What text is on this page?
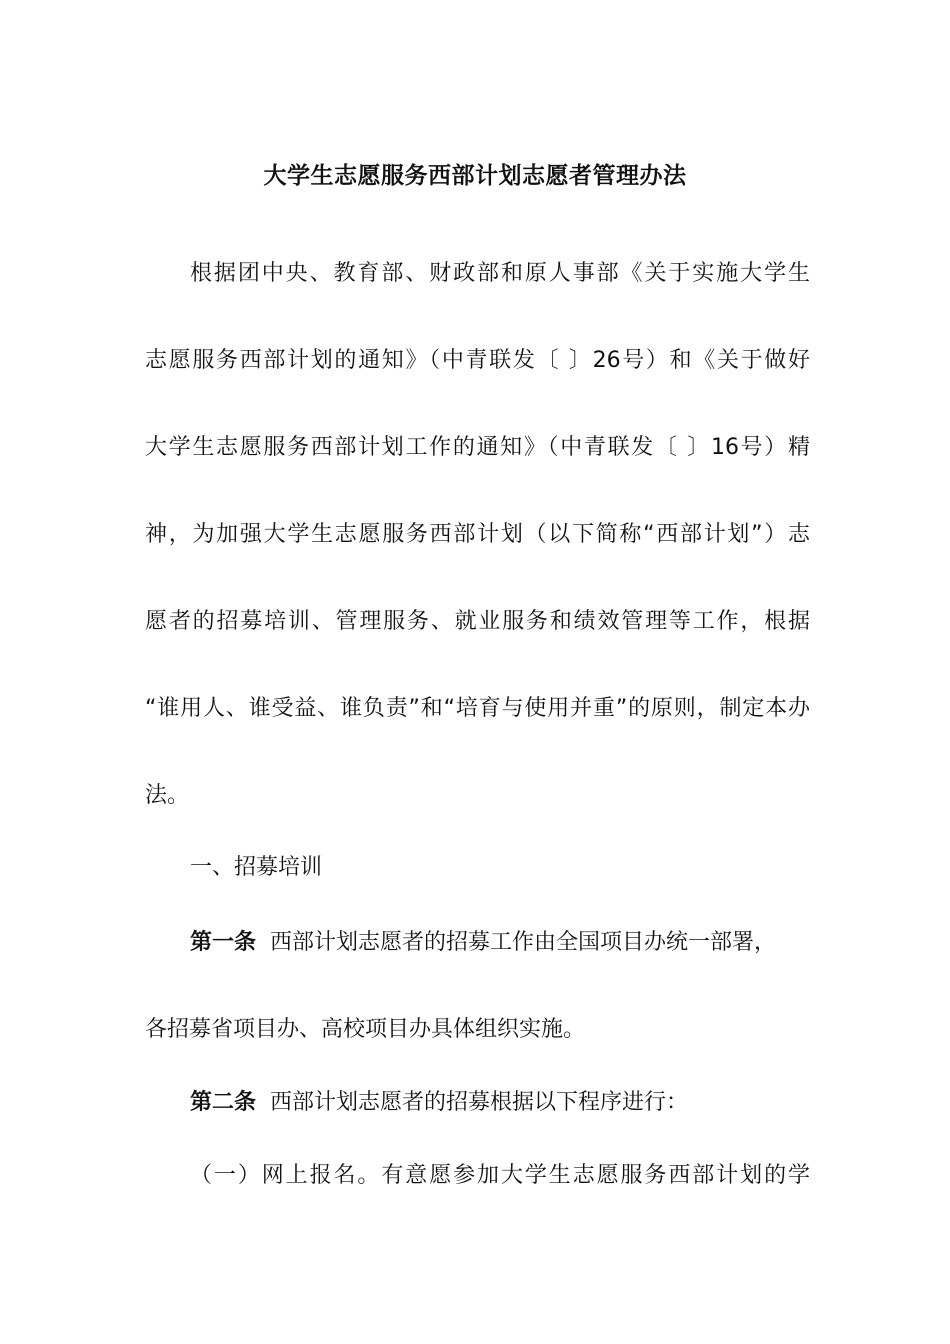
大学生志愿服务西部计划志愿者管理办法
根据团中央、教育部、财政部和原人事部《关于实施大学生
志愿服务西部计划的通知》（中青联发〔 〕26号）和《关于做好
大学生志愿服务西部计划工作的通知》（中青联发〔 〕16号）精
神，为加强大学生志愿服务西部计划（以下简称“西部计划”）志
愿者的招募培训、管理服务、就业服务和绩效管理等工作，根据
“谁用人、谁受益、谁负责”和“培育与使用并重”的原则，制定本办
法。
一、招募培训
第一条 西部计划志愿者的招募工作由全国项目办统一部署，
各招募省项目办、高校项目办具体组织实施。
第二条 西部计划志愿者的招募根据以下程序进行：
（一）网上报名。有意愿参加大学生志愿服务西部计划的学
